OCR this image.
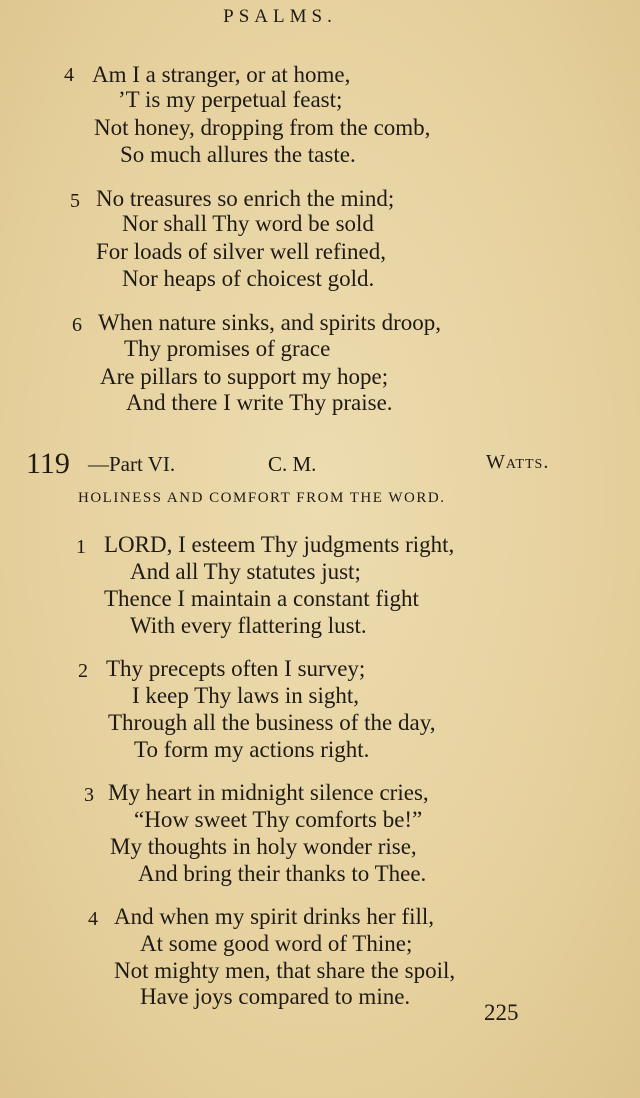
PSALMS.
4 Am I a stranger, or at home,
’T is my perpetual feast;
Not honey, dropping from the comb,
So much allures the taste.
5 No treasures so enrich the mind;
Nor shall Thy word be sold
For loads of silver well refined,
Nor heaps of choicest gold.
6 When nature sinks, and spirits droop,
Thy promises of grace
Are pillars to support my hope;
And there I write Thy praise.
119 —Part VI.	C. M.	Watts.
HOLINESS AND COMFORT FROM THE WORD.
1 LORD, I esteem Thy judgments right,
And all Thy statutes just;
Thence I maintain a constant fight
With every flattering lust.
2 Thy precepts often I survey;
I keep Thy laws in sight,
Through all the business of the day,
To form my actions right.
3 My heart in midnight silence cries,
“How sweet Thy comforts be!”
My thoughts in holy wonder rise,
And bring their thanks to Thee.
4 And when my spirit drinks her fill,
At some good word of Thine;
Not mighty men, that share the spoil,
Have joys compared to mine.
225
